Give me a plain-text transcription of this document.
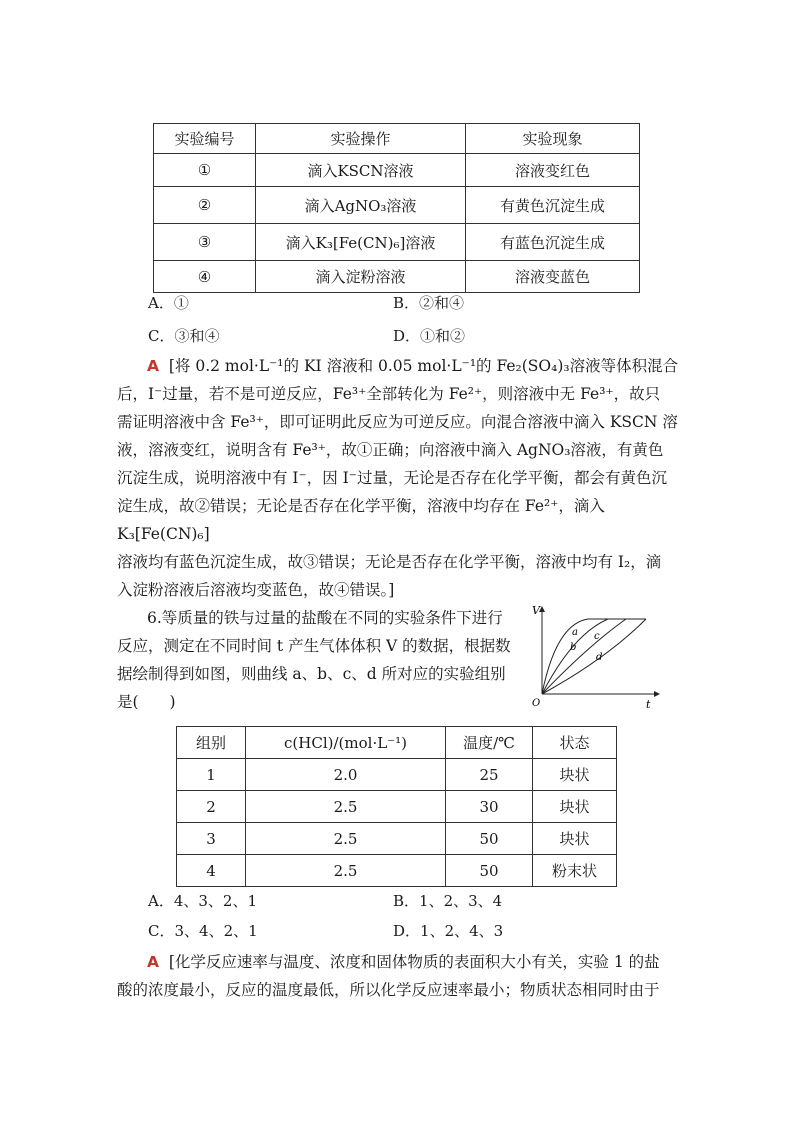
实验编号	实验操作	实验现象
①	滴入KSCN溶液	溶液变红色
②	滴入AgNO₃溶液	有黄色沉淀生成
③	滴入K₃[Fe(CN)₆]溶液	有蓝色沉淀生成
④	滴入淀粉溶液	溶液变蓝色
A．①	B．②和④
C．③和④	D．①和②
A [将 0.2 mol·L⁻¹的 KI 溶液和 0.05 mol·L⁻¹的 Fe₂(SO₄)₃溶液等体积混合
后，I⁻过量，若不是可逆反应，Fe³⁺全部转化为 Fe²⁺，则溶液中无 Fe³⁺，故只
需证明溶液中含 Fe³⁺，即可证明此反应为可逆反应。向混合溶液中滴入 KSCN 溶
液，溶液变红，说明含有 Fe³⁺，故①正确；向溶液中滴入 AgNO₃溶液，有黄色
沉淀生成，说明溶液中有 I⁻，因 I⁻过量，无论是否存在化学平衡，都会有黄色沉
淀生成，故②错误；无论是否存在化学平衡，溶液中均存在 Fe²⁺，滴入 K₃[Fe(CN)₆]
溶液均有蓝色沉淀生成，故③错误；无论是否存在化学平衡，溶液中均有 I₂，滴
入淀粉溶液后溶液均变蓝色，故④错误。]
6.等质量的铁与过量的盐酸在不同的实验条件下进行
反应，测定在不同时间 t 产生气体体积 V 的数据，根据数
据绘制得到如图，则曲线 a、b、c、d 所对应的实验组别
是(　　)
V
t
O
a
b
c
d
组别	c(HCl)/(mol·L⁻¹)	温度/℃	状态
1	2.0	25	块状
2	2.5	30	块状
3	2.5	50	块状
4	2.5	50	粉末状
A．4、3、2、1	B．1、2、3、4
C．3、4、2、1	D．1、2、4、3
A [化学反应速率与温度、浓度和固体物质的表面积大小有关，实验 1 的盐
酸的浓度最小，反应的温度最低，所以化学反应速率最小；物质状态相同时由于
